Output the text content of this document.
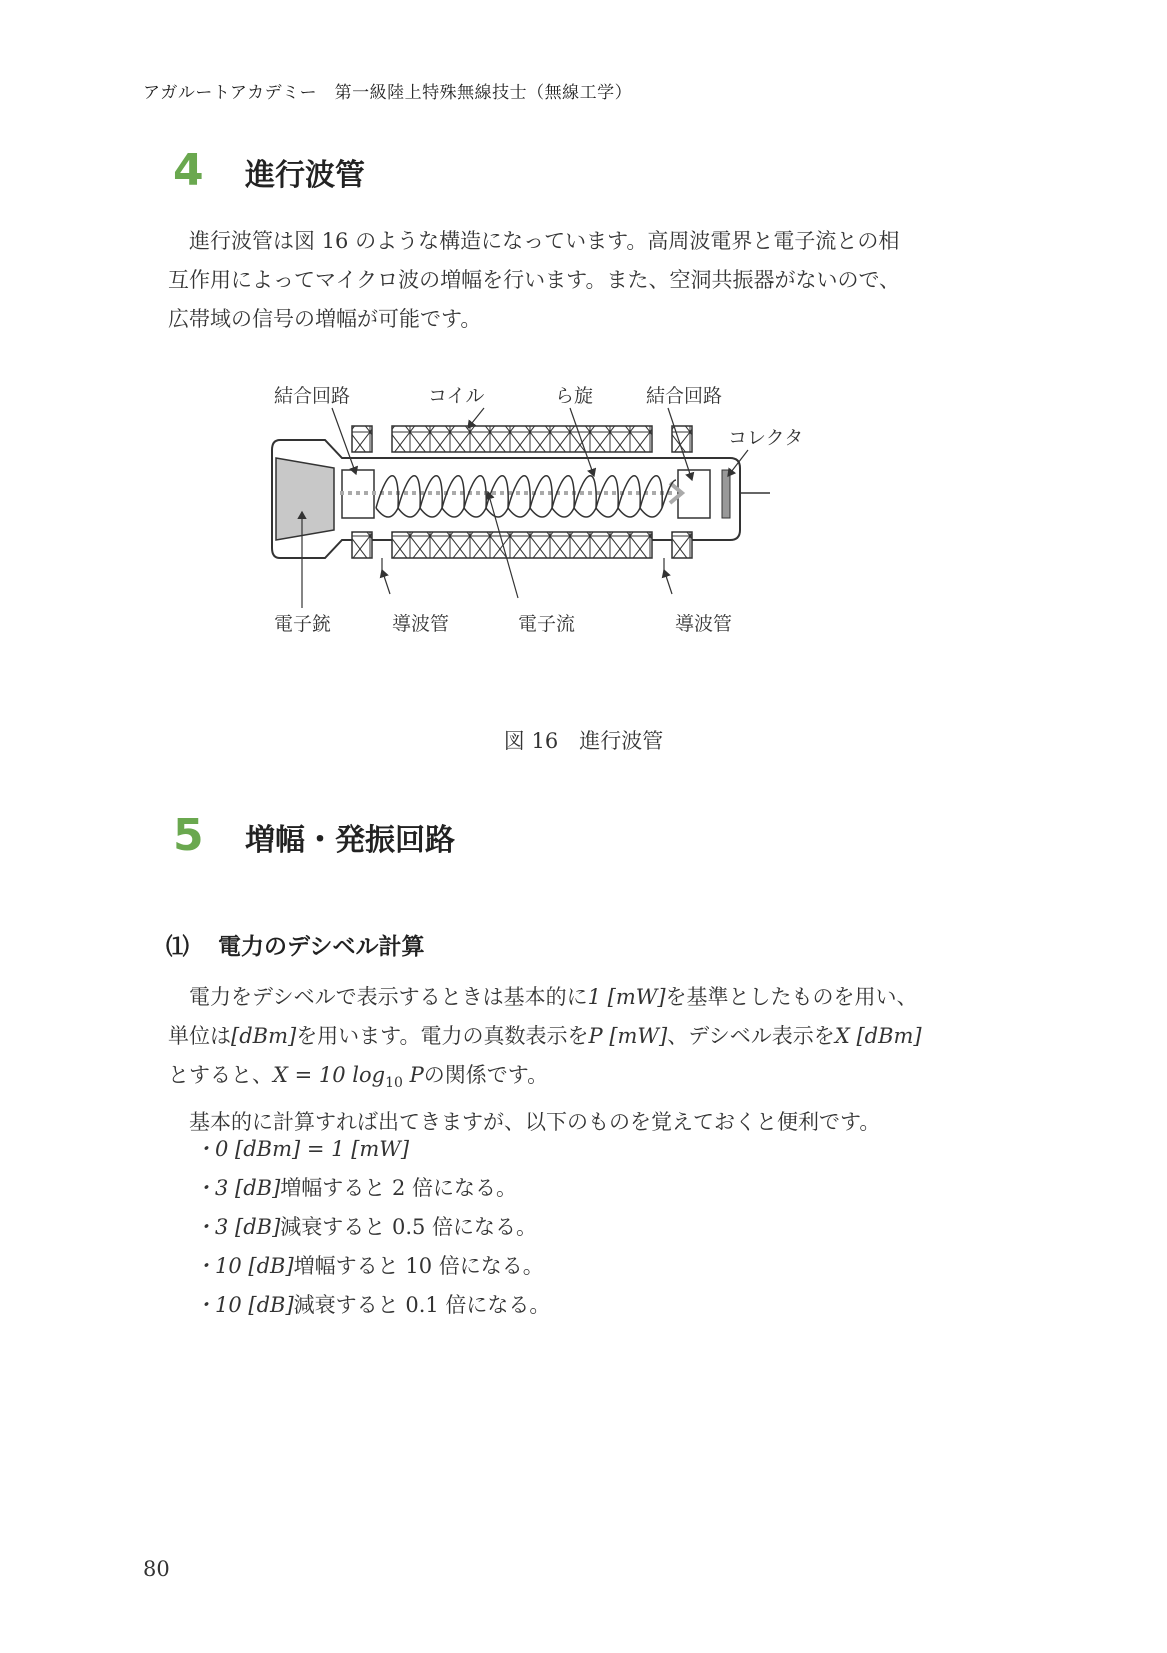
アガルートアカデミー　第一級陸上特殊無線技士（無線工学）
4	進行波管

進行波管は図 16 のような構造になっています。高周波電界と電子流との相

互作用によってマイクロ波の増幅を行います。また、空洞共振器がないので、

広帯域の信号の増幅が可能です。

結合回路	コイル	ら旋	結合回路
コレクタ
電子銃	導波管	電子流	導波管
図 16　進行波管
5	増幅・発振回路
⑴ 電力のデシベル計算

電力をデシベルで表示するときは基本的に1 [mW]を基準としたものを用い、

単位は[dBm]を用います。電力の真数表示をP [mW]、デシベル表示をX [dBm]

とすると、X = 10 $\log_{10} P$の関係です。

基本的に計算すれば出てきますが、以下のものを覚えておくと便利です。

・0 [dBm] = 1 [mW]
・3 [dB]増幅すると 2 倍になる。
・3 [dB]減衰すると 0.5 倍になる。
・10 [dB]増幅すると 10 倍になる。
・10 [dB]減衰すると 0.1 倍になる。
80
